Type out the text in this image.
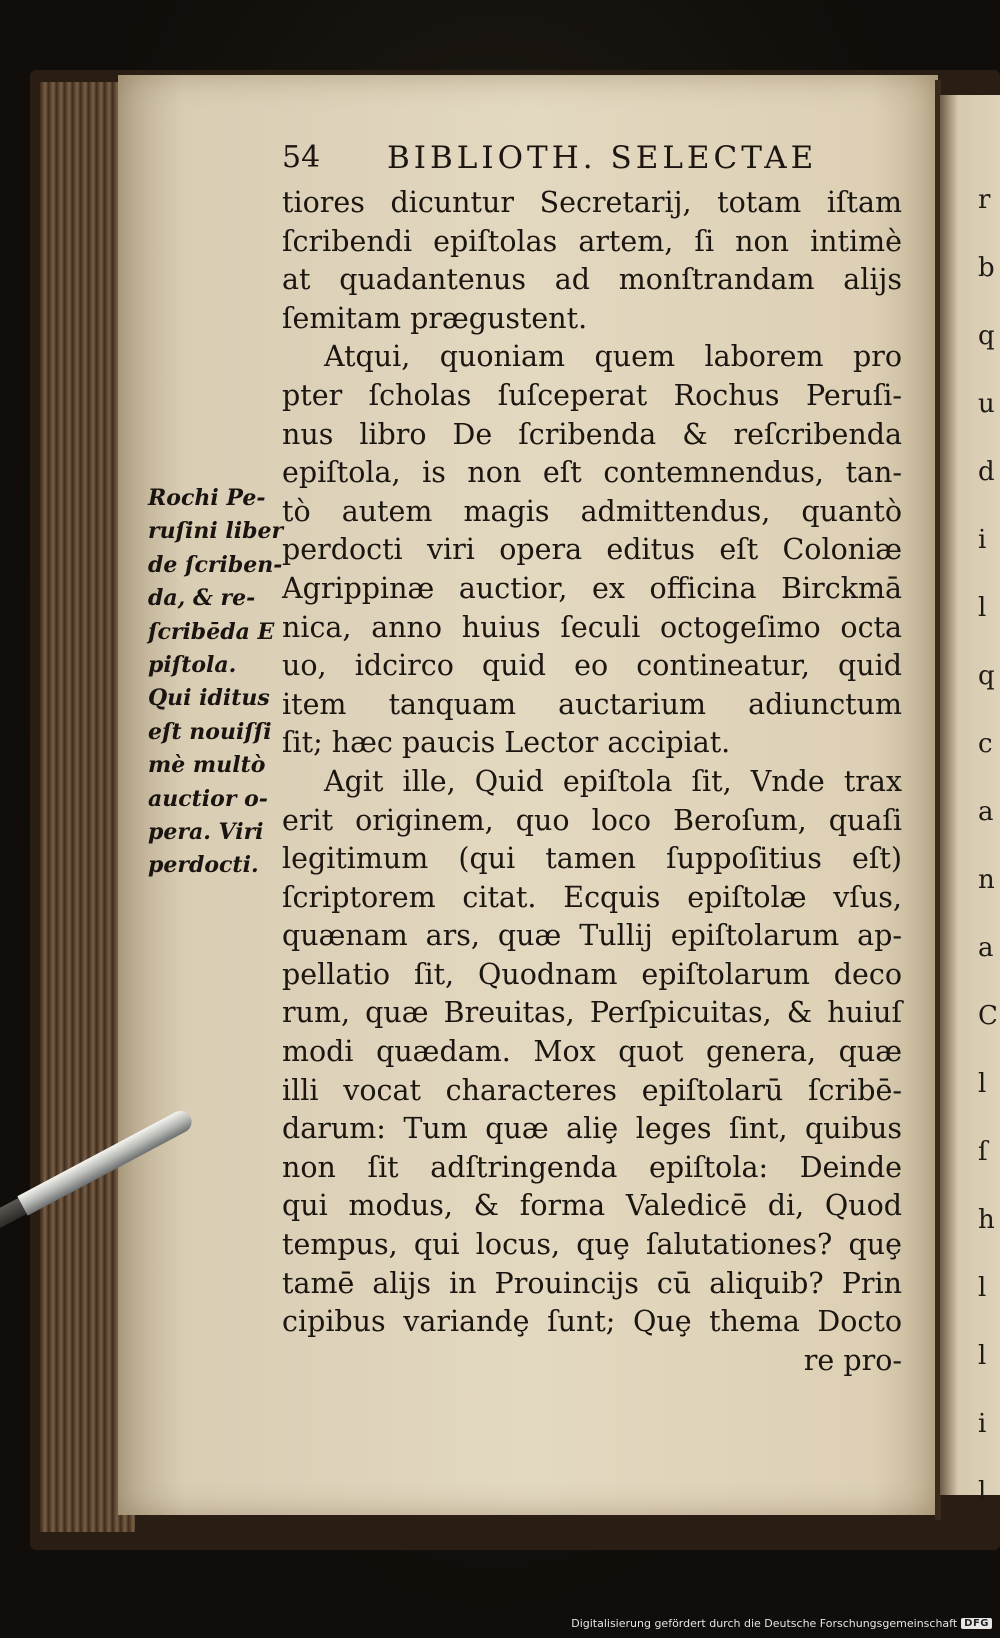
r
b
q
u
d
i
l
q
c
a
n
a
C
l
ſ
h
l
l
i
l
54 BIBLIOTH. SELECTAE
tiores dicuntur Secretarij, totam iſtam
ſcribendi epiſtolas artem, ſi non intimè
at quadantenus ad monſtrandam alijs
ſemitam prægustent.
Atqui, quoniam quem laborem pro
pter ſcholas ſuſceperat Rochus Peruſi-
nus libro De ſcribenda & reſcribenda
epiſtola, is non eſt contemnendus, tan-
tò autem magis admittendus, quantò
perdocti viri opera editus eſt Coloniæ
Agrippinæ auctior, ex officina Birckmā
nica, anno huius ſeculi octogeſimo octa
uo, idcirco quid eo contineatur, quid
item tanquam auctarium adiunctum
ſit; hæc paucis Lector accipiat.
Agit ille, Quid epiſtola ſit, Vnde trax
erit originem, quo loco Beroſum, quaſi
legitimum (qui tamen ſuppoſitius eſt)
ſcriptorem citat. Ecquis epiſtolæ vſus,
quænam ars, quæ Tullij epiſtolarum ap-
pellatio ſit, Quodnam epiſtolarum deco
rum, quæ Breuitas, Perſpicuitas, & huiuſ
modi quædam. Mox quot genera, quæ
illi vocat characteres epiſtolarū ſcribē-
darum: Tum quæ aliȩ leges ſint, quibus
non ſit adſtringenda epiſtola: Deinde
qui modus, & forma Valedicē di, Quod
tempus, qui locus, quȩ ſalutationes? quȩ
tamē alijs in Prouincijs cū aliquib? Prin
cipibus variandȩ ſunt; Quȩ thema Docto
re pro-
Rochi Pe-
ruſini liber
de ſcriben-
da, & re-
ſcribēda E
piſtola.
Qui iditus
eſt nouiſſi
mè multò
auctior o-
pera. Viri
perdocti.
Digitalisierung gefördert durch die Deutsche Forschungsgemeinschaft DFG
